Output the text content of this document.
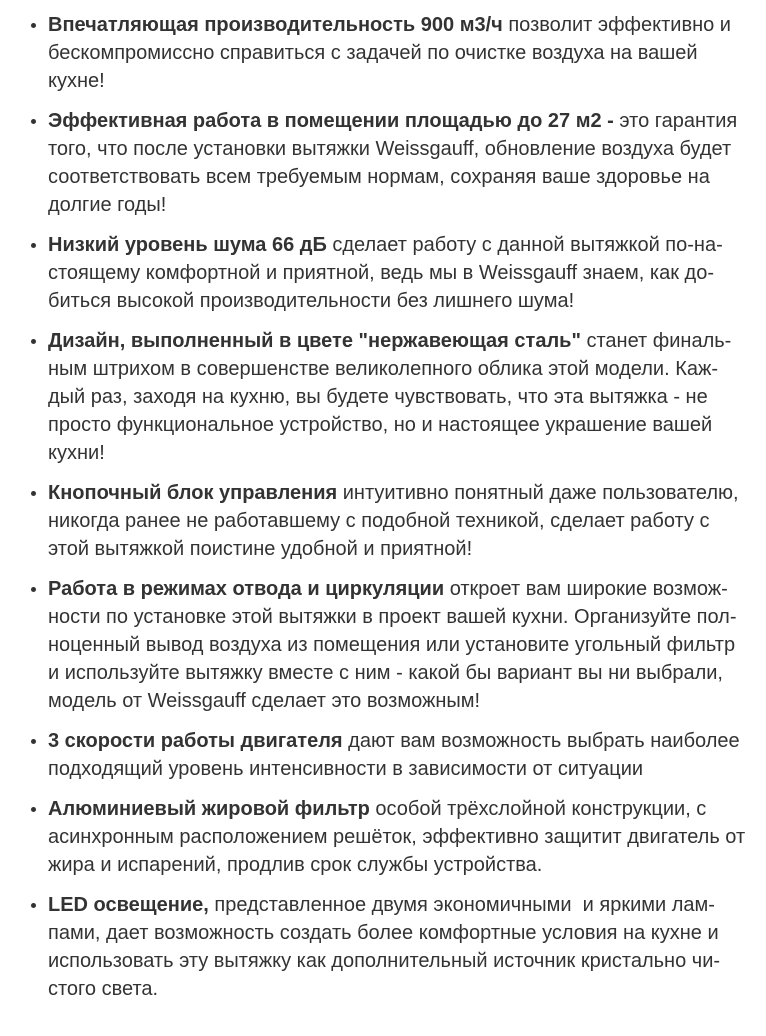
• Впечатляющая производительность 900 м3/ч позволит эффективно и бескомпромиссно справиться с задачей по очистке воздуха на вашей кухне!
• Эффективная работа в помещении площадью до 27 м2 - это гарантия того, что после установки вытяжки Weissgauff, обновление воздуха будет соответствовать всем требуемым нормам, сохраняя ваше здоровье на долгие годы!
• Низкий уровень шума 66 дБ сделает работу с данной вытяжкой по-настоящему комфортной и приятной, ведь мы в Weissgauff знаем, как добиться высокой производительности без лишнего шума!
• Дизайн, выполненный в цвете "нержавеющая сталь" станет финальным штрихом в совершенстве великолепного облика этой модели. Каждый раз, заходя на кухню, вы будете чувствовать, что эта вытяжка - не просто функциональное устройство, но и настоящее украшение вашей кухни!
• Кнопочный блок управления интуитивно понятный даже пользователю, никогда ранее не работавшему с подобной техникой, сделает работу с этой вытяжкой поистине удобной и приятной!
• Работа в режимах отвода и циркуляции откроет вам широкие возможности по установке этой вытяжки в проект вашей кухни. Организуйте полноценный вывод воздуха из помещения или установите угольный фильтр и используйте вытяжку вместе с ним - какой бы вариант вы ни выбрали, модель от Weissgauff сделает это возможным!
• 3 скорости работы двигателя дают вам возможность выбрать наиболее подходящий уровень интенсивности в зависимости от ситуации
• Алюминиевый жировой фильтр особой трёхслойной конструкции, с асинхронным расположением решёток, эффективно защитит двигатель от жира и испарений, продлив срок службы устройства.
• LED освещение, представленное двумя экономичными  и яркими лампами, дает возможность создать более комфортные условия на кухне и использовать эту вытяжку как дополнительный источник кристально чистого света.
